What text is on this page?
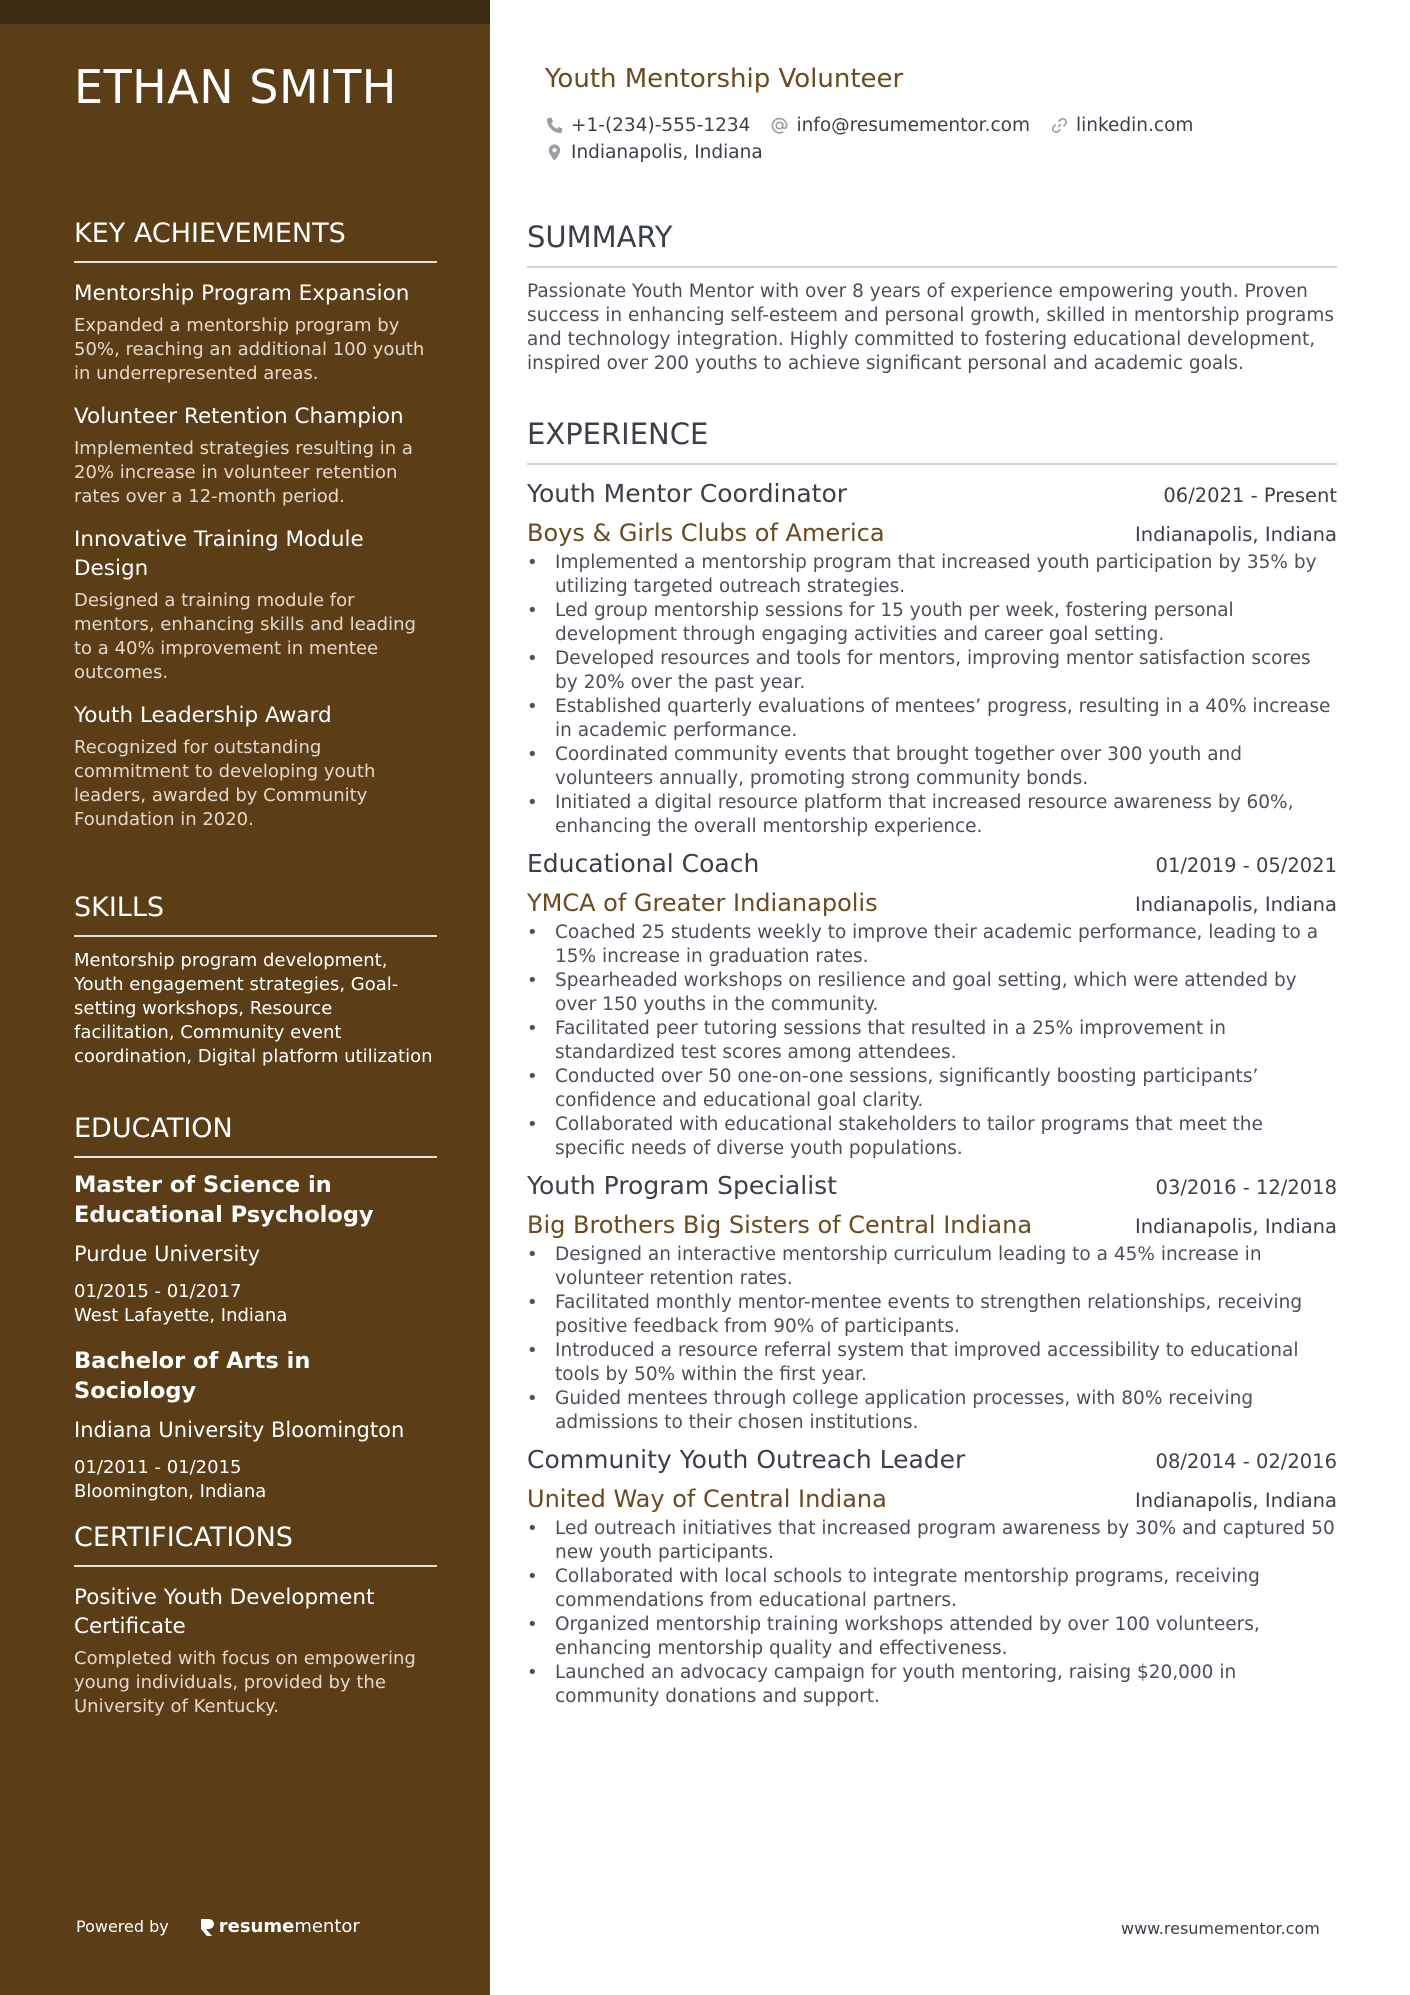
ETHAN SMITH
KEY ACHIEVEMENTS
Mentorship Program Expansion
Expanded a mentorship program by 50%, reaching an additional 100 youth in underrepresented areas.
Volunteer Retention Champion
Implemented strategies resulting in a 20% increase in volunteer retention rates over a 12-month period.
Innovative Training Module Design
Designed a training module for mentors, enhancing skills and leading to a 40% improvement in mentee outcomes.
Youth Leadership Award
Recognized for outstanding commitment to developing youth leaders, awarded by Community Foundation in 2020.
SKILLS
Mentorship program development, Youth engagement strategies, Goal-setting workshops, Resource facilitation, Community event coordination, Digital platform utilization
EDUCATION
Master of Science in Educational Psychology
Purdue University
01/2015 - 01/2017
West Lafayette, Indiana
Bachelor of Arts in Sociology
Indiana University Bloomington
01/2011 - 01/2015
Bloomington, Indiana
CERTIFICATIONS
Positive Youth Development Certificate
Completed with focus on empowering young individuals, provided by the University of Kentucky.
Powered by	resume mentor
Youth Mentorship Volunteer
+1-(234)-555-1234 info@resumementor.com linkedin.com
Indianapolis, Indiana
SUMMARY
Passionate Youth Mentor with over 8 years of experience empowering youth. Proven success in enhancing self-esteem and personal growth, skilled in mentorship programs and technology integration. Highly committed to fostering educational development, inspired over 200 youths to achieve significant personal and academic goals.
EXPERIENCE
Youth Mentor Coordinator	06/2021 - Present
Boys & Girls Clubs of America	Indianapolis, Indiana
• Implemented a mentorship program that increased youth participation by 35% by utilizing targeted outreach strategies.
• Led group mentorship sessions for 15 youth per week, fostering personal development through engaging activities and career goal setting.
• Developed resources and tools for mentors, improving mentor satisfaction scores by 20% over the past year.
• Established quarterly evaluations of mentees’ progress, resulting in a 40% increase in academic performance.
• Coordinated community events that brought together over 300 youth and volunteers annually, promoting strong community bonds.
• Initiated a digital resource platform that increased resource awareness by 60%, enhancing the overall mentorship experience.
Educational Coach	01/2019 - 05/2021
YMCA of Greater Indianapolis	Indianapolis, Indiana
• Coached 25 students weekly to improve their academic performance, leading to a 15% increase in graduation rates.
• Spearheaded workshops on resilience and goal setting, which were attended by over 150 youths in the community.
• Facilitated peer tutoring sessions that resulted in a 25% improvement in standardized test scores among attendees.
• Conducted over 50 one-on-one sessions, significantly boosting participants’ confidence and educational goal clarity.
• Collaborated with educational stakeholders to tailor programs that meet the specific needs of diverse youth populations.
Youth Program Specialist	03/2016 - 12/2018
Big Brothers Big Sisters of Central Indiana	Indianapolis, Indiana
• Designed an interactive mentorship curriculum leading to a 45% increase in volunteer retention rates.
• Facilitated monthly mentor-mentee events to strengthen relationships, receiving positive feedback from 90% of participants.
• Introduced a resource referral system that improved accessibility to educational tools by 50% within the first year.
• Guided mentees through college application processes, with 80% receiving admissions to their chosen institutions.
Community Youth Outreach Leader	08/2014 - 02/2016
United Way of Central Indiana	Indianapolis, Indiana
• Led outreach initiatives that increased program awareness by 30% and captured 50 new youth participants.
• Collaborated with local schools to integrate mentorship programs, receiving commendations from educational partners.
• Organized mentorship training workshops attended by over 100 volunteers, enhancing mentorship quality and effectiveness.
• Launched an advocacy campaign for youth mentoring, raising $20,000 in community donations and support.
www.resumementor.com
